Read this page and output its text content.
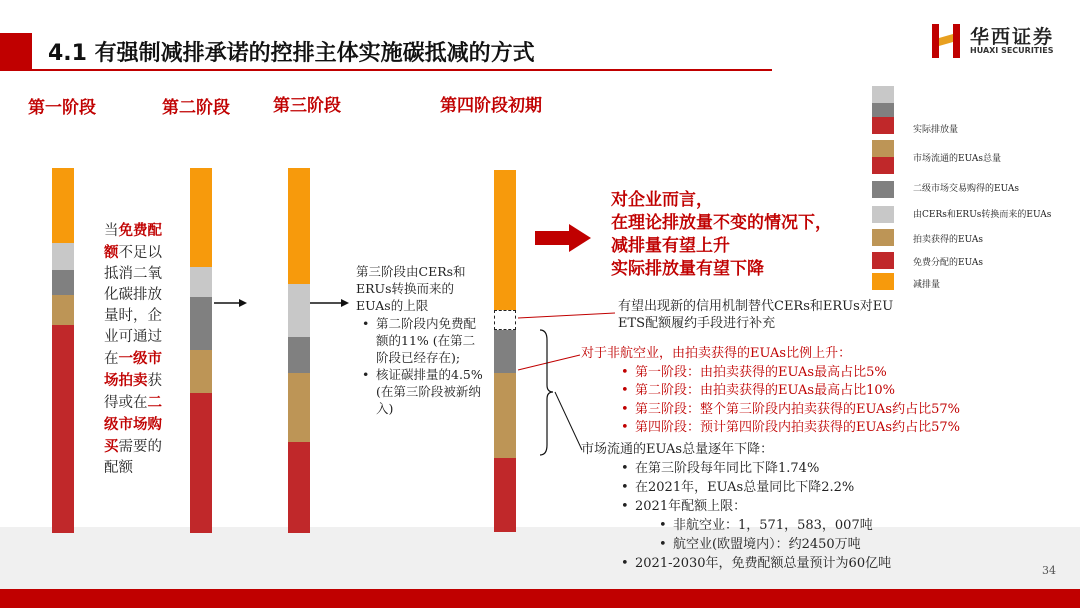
4.1 有强制减排承诺的控排主体实施碳抵减的方式
华西证券
HUAXI SECURITIES
第一阶段	第二阶段	第三阶段	第四阶段初期
当免费配额不足以抵消二氧化碳排放量时，企业可通过在一级市场拍卖获得或在二级市场购买需要的配额
第三阶段由CERs和ERUs转换而来的EUAs的上限
• 第二阶段内免费配额的11% (在第二阶段已经存在);
• 核证碳排量的4.5% (在第三阶段被新纳入)
对企业而言，
在理论排放量不变的情况下，
减排量有望上升
实际排放量有望下降
实际排放量
市场流通的EUAs总量
二级市场交易购得的EUAs
由CERs和ERUs转换而来的EUAs
拍卖获得的EUAs
免费分配的EUAs
减排量
有望出现新的信用机制替代CERs和ERUs对EU ETS配额履约手段进行补充
对于非航空业，由拍卖获得的EUAs比例上升：
• 第一阶段：由拍卖获得的EUAs最高占比5%
• 第二阶段：由拍卖获得的EUAs最高占比10%
• 第三阶段：整个第三阶段内拍卖获得的EUAs约占比57%
• 第四阶段：预计第四阶段内拍卖获得的EUAs约占比57%
市场流通的EUAs总量逐年下降：
• 在第三阶段每年同比下降1.74%
• 在2021年，EUAs总量同比下降2.2%
• 2021年配额上限：
• 非航空业：1，571，583，007吨
• 航空业(欧盟境内）：约2450万吨
• 2021-2030年，免费配额总量预计为60亿吨	34
